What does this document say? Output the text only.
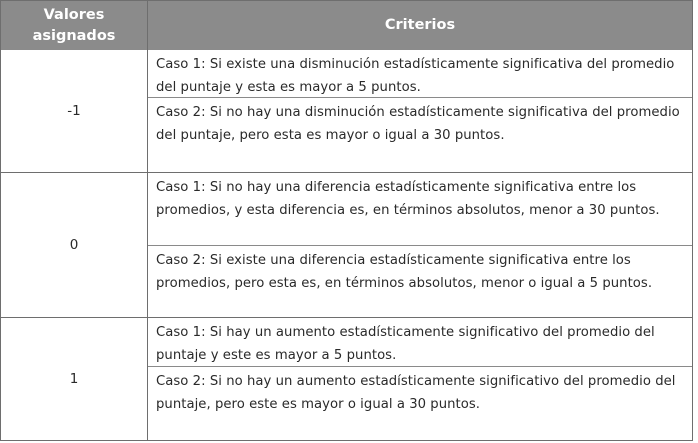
Valores asignados
Criterios
-1
Caso 1: Si existe una disminución estadísticamente significativa del promedio del puntaje y esta es mayor a 5 puntos.
Caso 2: Si no hay una disminución estadísticamente significativa del promedio del puntaje, pero esta es mayor o igual a 30 puntos.
0
Caso 1: Si no hay una diferencia estadísticamente significativa entre los promedios, y esta diferencia es, en términos absolutos, menor a 30 puntos.
Caso 2: Si existe una diferencia estadísticamente significativa entre los promedios, pero esta es, en términos absolutos, menor o igual a 5 puntos.
1
Caso 1: Si hay un aumento estadísticamente significativo del promedio del puntaje y este es mayor a 5 puntos.
Caso 2: Si no hay un aumento estadísticamente significativo del promedio del puntaje, pero este es mayor o igual a 30 puntos.
